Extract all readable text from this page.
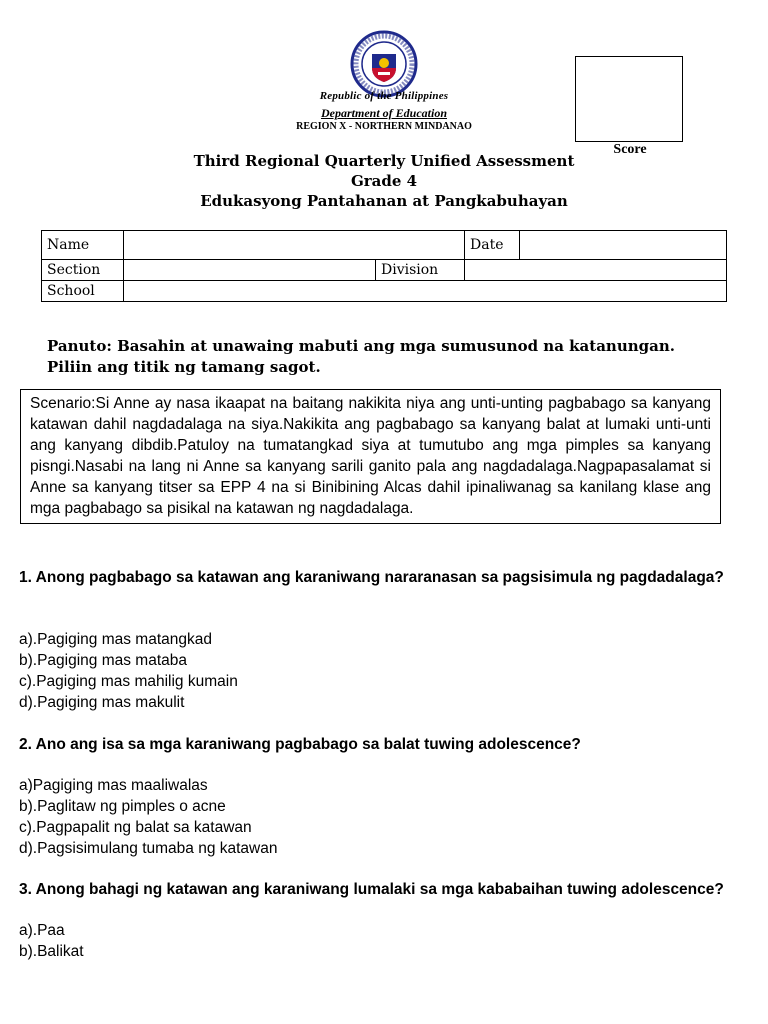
Republic of the Philippines
Department of Education
REGION X - NORTHERN MINDANAO
Score
Third Regional Quarterly Unified Assessment
Grade 4
Edukasyong Pantahanan at Pangkabuhayan
Name			Date	
Section		Division		
School				
Panuto: Basahin at unawaing mabuti ang mga sumusunod na katanungan. Piliin ang titik ng tamang sagot.
Scenario:Si Anne ay nasa ikaapat na baitang nakikita niya ang unti-unting pagbabago sa kanyang katawan dahil nagdadalaga na siya.Nakikita ang pagbabago sa kanyang balat at lumaki unti-unti ang kanyang dibdib.Patuloy na tumatangkad siya at tumutubo ang mga pimples sa kanyang pisngi.Nasabi na lang ni Anne sa kanyang sarili ganito pala ang nagdadalaga.Nagpapasalamat si Anne sa kanyang titser sa EPP 4 na si Binibining Alcas dahil ipinaliwanag sa kanilang klase ang mga pagbabago sa pisikal na katawan ng nagdadalaga.
1. Anong pagbabago sa katawan ang karaniwang nararanasan sa pagsisimula ng pagdadalaga?
a).Pagiging mas matangkad
b).Pagiging mas mataba
c).Pagiging mas mahilig kumain
d).Pagiging mas makulit
2. Ano ang isa sa mga karaniwang pagbabago sa balat tuwing adolescence?
a)Pagiging mas maaliwalas
b).Paglitaw ng pimples o acne
c).Pagpapalit ng balat sa katawan
d).Pagsisimulang tumaba ng katawan
3. Anong bahagi ng katawan ang karaniwang lumalaki sa mga kababaihan tuwing adolescence?
a).Paa
b).Balikat
